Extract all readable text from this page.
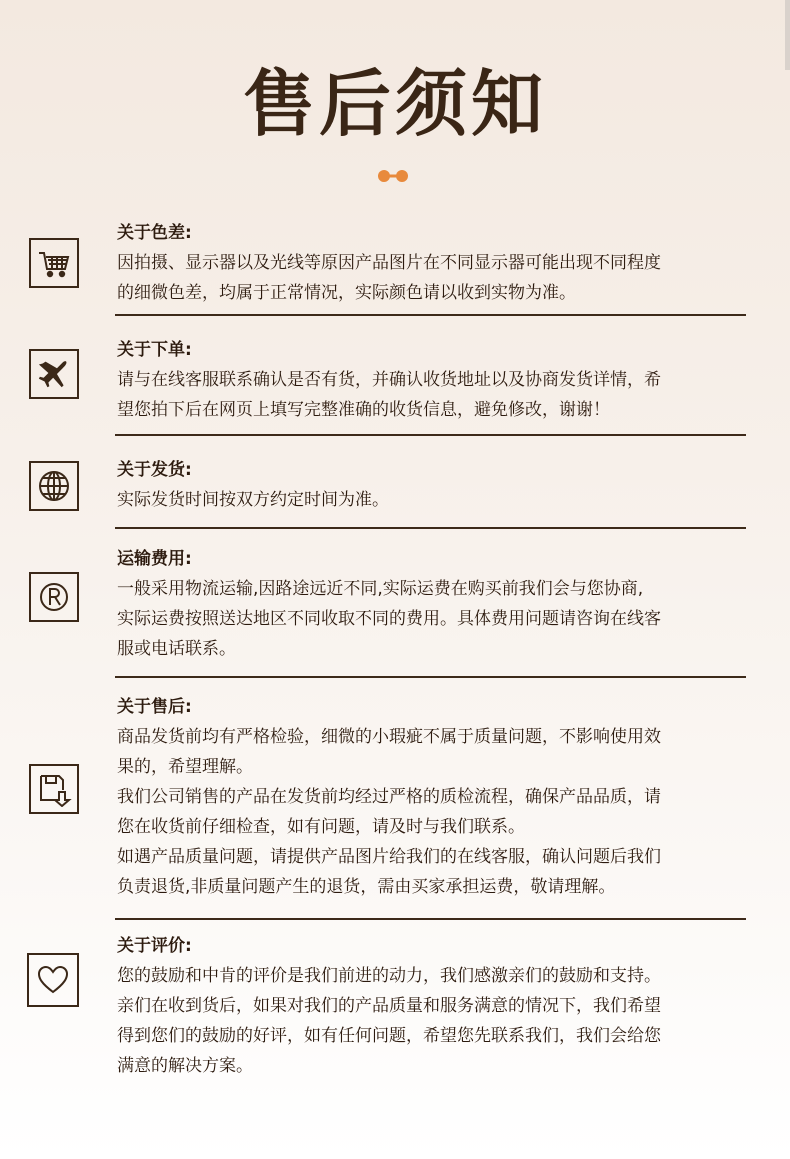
售后须知
关于色差:
因拍摄、显示器以及光线等原因产品图片在不同显示器可能出现不同程度
的细微色差，均属于正常情况，实际颜色请以收到实物为准。
关于下单:
请与在线客服联系确认是否有货，并确认收货地址以及协商发货详情，希
望您拍下后在网页上填写完整准确的收货信息，避免修改，谢谢！
关于发货:
实际发货时间按双方约定时间为准。
运输费用:
一般采用物流运输,因路途远近不同,实际运费在购买前我们会与您协商,
实际运费按照送达地区不同收取不同的费用。具体费用问题请咨询在线客
服或电话联系。
关于售后:
商品发货前均有严格检验，细微的小瑕疵不属于质量问题，不影响使用效
果的，希望理解。
我们公司销售的产品在发货前均经过严格的质检流程，确保产品品质，请
您在收货前仔细检查，如有问题，请及时与我们联系。
如遇产品质量问题，请提供产品图片给我们的在线客服，确认问题后我们
负责退货,非质量问题产生的退货，需由买家承担运费，敬请理解。
关于评价:
您的鼓励和中肯的评价是我们前进的动力，我们感激亲们的鼓励和支持。
亲们在收到货后，如果对我们的产品质量和服务满意的情况下，我们希望
得到您们的鼓励的好评，如有任何问题，希望您先联系我们，我们会给您
满意的解决方案。
